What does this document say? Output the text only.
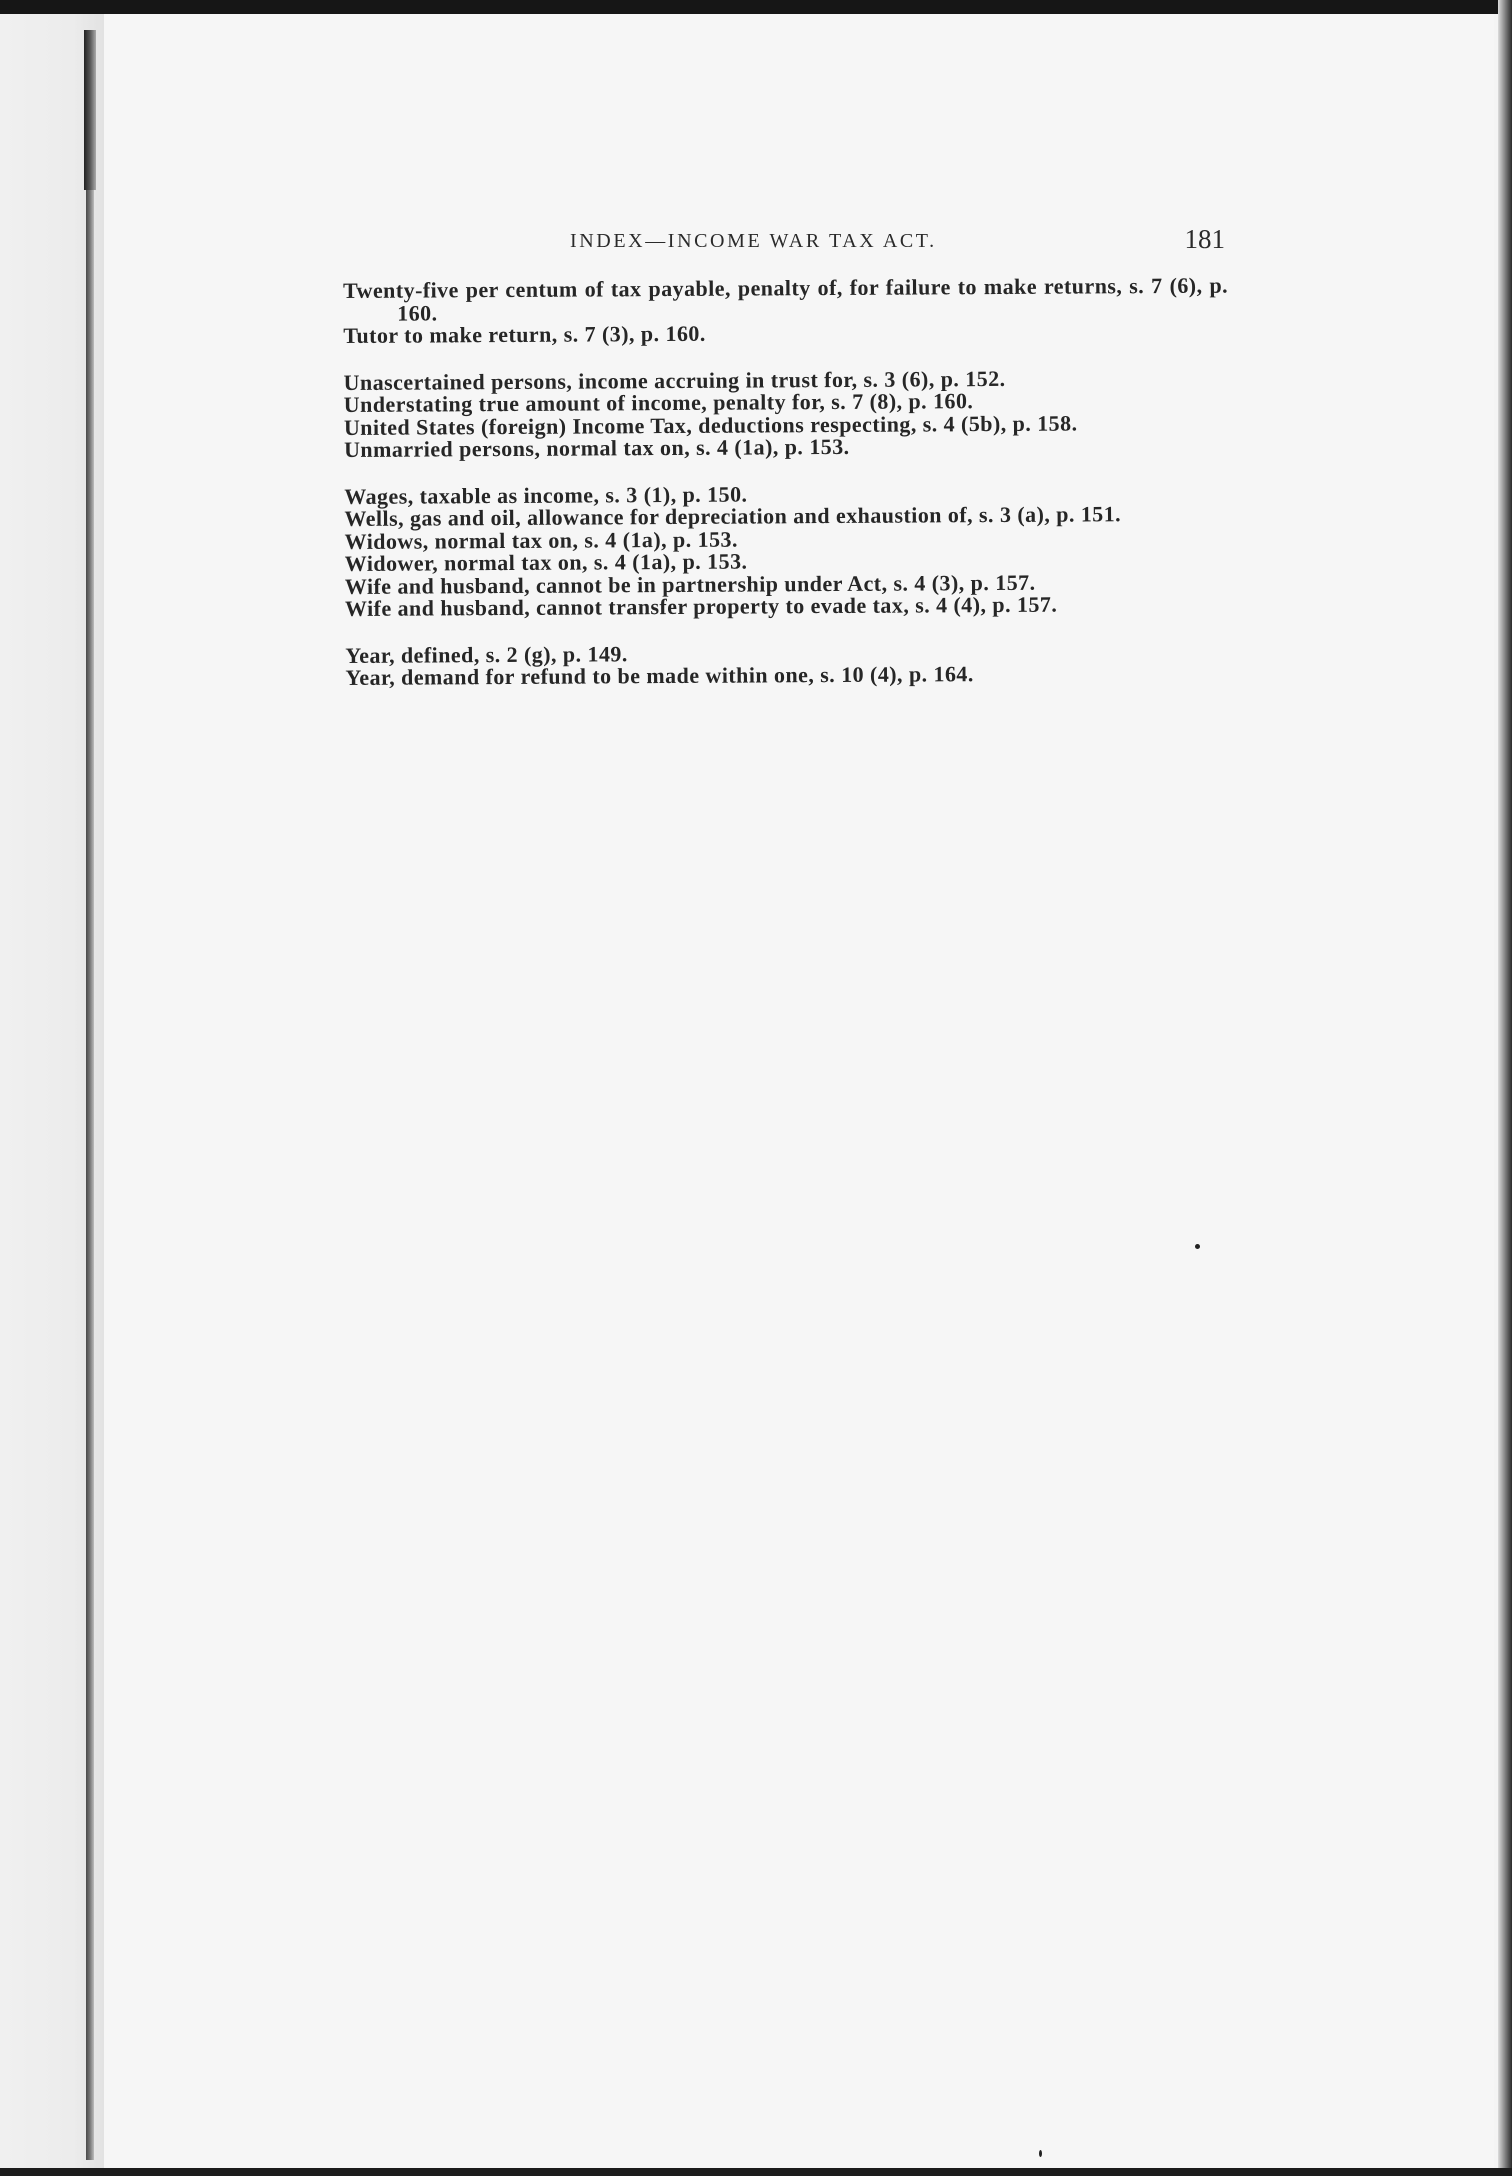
INDEX—INCOME WAR TAX ACT.	181

Twenty-five per centum of tax payable, penalty of, for failure to make returns, s. 7 (6), p. 160.

Tutor to make return, s. 7 (3), p. 160.

Unascertained persons, income accruing in trust for, s. 3 (6), p. 152.

Understating true amount of income, penalty for, s. 7 (8), p. 160.

United States (foreign) Income Tax, deductions respecting, s. 4 (5b), p. 158.

Unmarried persons, normal tax on, s. 4 (1a), p. 153.

Wages, taxable as income, s. 3 (1), p. 150.

Wells, gas and oil, allowance for depreciation and exhaustion of, s. 3 (a), p. 151.

Widows, normal tax on, s. 4 (1a), p. 153.

Widower, normal tax on, s. 4 (1a), p. 153.

Wife and husband, cannot be in partnership under Act, s. 4 (3), p. 157.

Wife and husband, cannot transfer property to evade tax, s. 4 (4), p. 157.

Year, defined, s. 2 (g), p. 149.

Year, demand for refund to be made within one, s. 10 (4), p. 164.
